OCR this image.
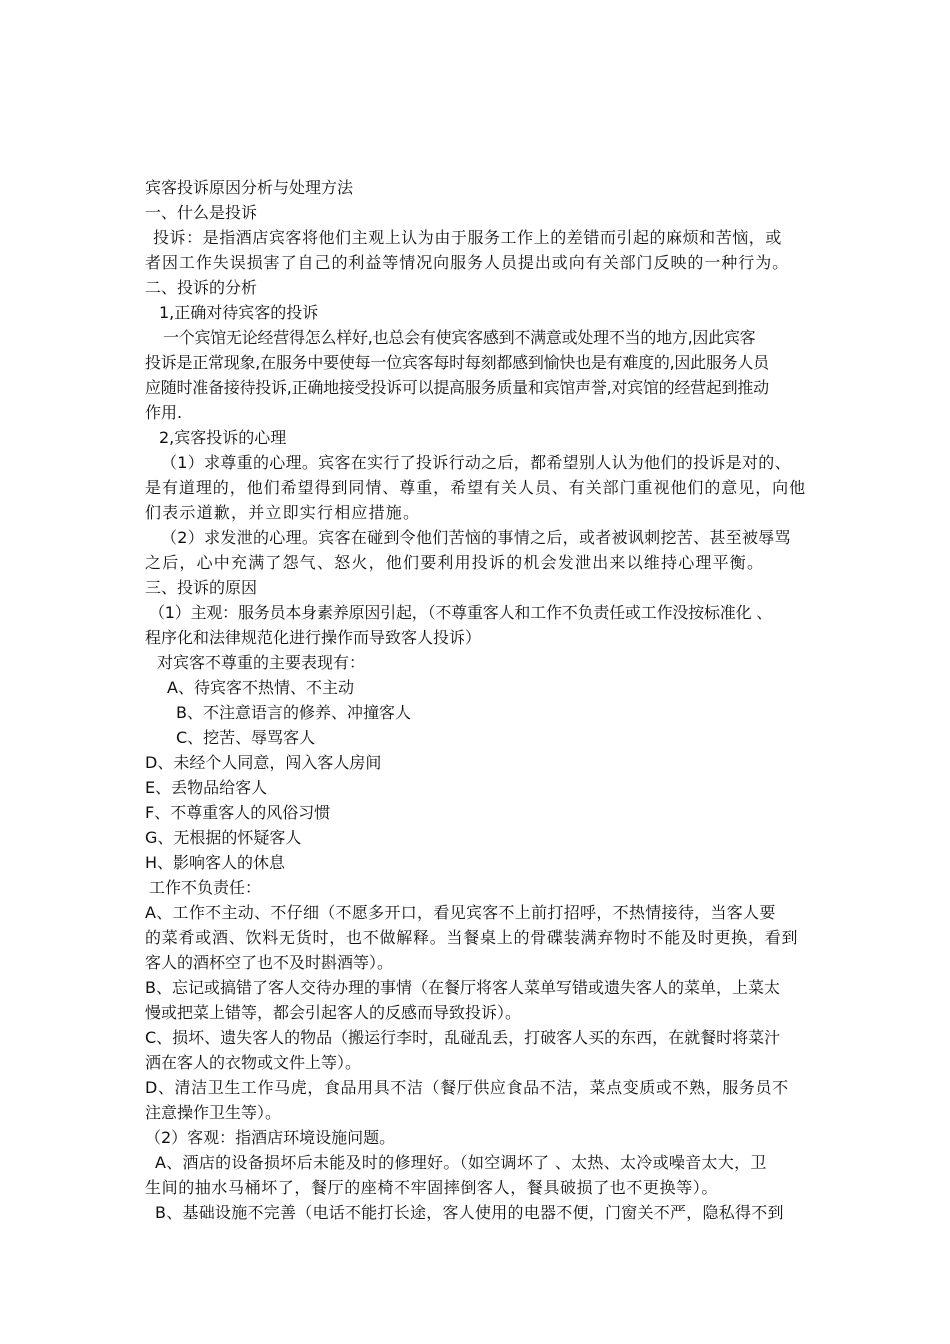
宾客投诉原因分析与处理方法
一、什么是投诉
投诉：是指酒店宾客将他们主观上认为由于服务工作上的差错而引起的麻烦和苦恼，或
者因工作失误损害了自己的利益等情况向服务人员提出或向有关部门反映的一种行为。
二、投诉的分析
1,正确对待宾客的投诉
一个宾馆无论经营得怎么样好,也总会有使宾客感到不满意或处理不当的地方,因此宾客
投诉是正常现象,在服务中要使每一位宾客每时每刻都感到愉快也是有难度的,因此服务人员
应随时准备接待投诉,正确地接受投诉可以提高服务质量和宾馆声誉,对宾馆的经营起到推动
作用.
2,宾客投诉的心理
（1）求尊重的心理。宾客在实行了投诉行动之后，都希望别人认为他们的投诉是对的、
是有道理的，他们希望得到同情、尊重，希望有关人员、有关部门重视他们的意见，向他
们表示道歉，并立即实行相应措施。
（2）求发泄的心理。宾客在碰到令他们苦恼的事情之后，或者被讽刺挖苦、甚至被辱骂
之后，心中充满了怨气、怒火，他们要利用投诉的机会发泄出来以维持心理平衡。
三、投诉的原因
（1）主观：服务员本身素养原因引起，（不尊重客人和工作不负责任或工作没按标准化 、
程序化和法律规范化进行操作而导致客人投诉）
对宾客不尊重的主要表现有：
A、待宾客不热情、不主动
B、不注意语言的修养、冲撞客人
C、挖苦、辱骂客人
D、未经个人同意，闯入客人房间
E、丢物品给客人
F、不尊重客人的风俗习惯
G、无根据的怀疑客人
H、影响客人的休息
工作不负责任：
A、工作不主动、不仔细（不愿多开口，看见宾客不上前打招呼，不热情接待，当客人要
的菜肴或酒、饮料无货时，也不做解释。当餐桌上的骨碟装满弃物时不能及时更换，看到
客人的酒杯空了也不及时斟酒等）。
B、忘记或搞错了客人交待办理的事情（在餐厅将客人菜单写错或遗失客人的菜单，上菜太
慢或把菜上错等，都会引起客人的反感而导致投诉）。
C、损坏、遗失客人的物品（搬运行李时，乱碰乱丢，打破客人买的东西，在就餐时将菜汁
洒在客人的衣物或文件上等）。
D、清洁卫生工作马虎，食品用具不洁（餐厅供应食品不洁，菜点变质或不熟，服务员不
注意操作卫生等）。
（2）客观：指酒店环境设施问题。
A、酒店的设备损坏后未能及时的修理好。（如空调坏了 、太热、太冷或噪音太大，卫
生间的抽水马桶坏了，餐厅的座椅不牢固摔倒客人，餐具破损了也不更换等）。
B、基础设施不完善（电话不能打长途，客人使用的电器不便，门窗关不严，隐私得不到
